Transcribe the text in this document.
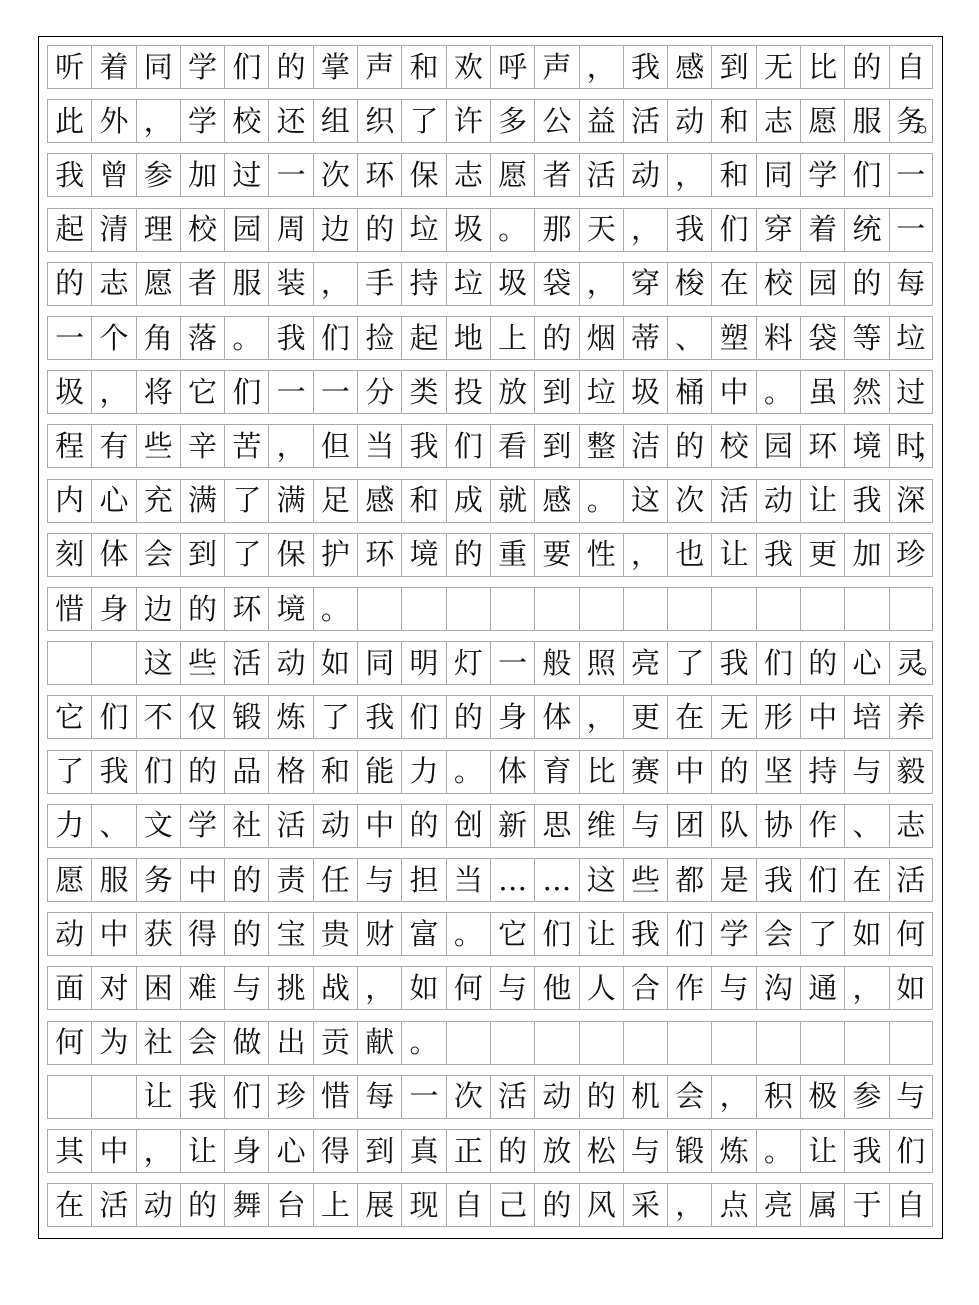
听 着 同 学 们 的 掌 声 和 欢 呼 声 ， 我 感 到 无 比 的 自
此 外 ， 学 校 还 组 织 了 许 多 公 益 活 动 和 志 愿 服 务
。
我 曾 参 加 过 一 次 环 保 志 愿 者 活 动 ， 和 同 学 们 一
起 清 理 校 园 周 边 的 垃 圾 。 那 天 ， 我 们 穿 着 统 一
的 志 愿 者 服 装 ， 手 持 垃 圾 袋 ， 穿 梭 在 校 园 的 每
一 个 角 落 。 我 们 捡 起 地 上 的 烟 蒂 、 塑 料 袋 等 垃
圾 ， 将 它 们 一 一 分 类 投 放 到 垃 圾 桶 中 。 虽 然 过
程 有 些 辛 苦 ， 但 当 我 们 看 到 整 洁 的 校 园 环 境 时
，
内 心 充 满 了 满 足 感 和 成 就 感 。 这 次 活 动 让 我 深
刻 体 会 到 了 保 护 环 境 的 重 要 性 ， 也 让 我 更 加 珍
惜 身 边 的 环 境 。
这 些 活 动 如 同 明 灯 一 般 照 亮 了 我 们 的 心 灵
。
它 们 不 仅 锻 炼 了 我 们 的 身 体 ， 更 在 无 形 中 培 养
了 我 们 的 品 格 和 能 力 。 体 育 比 赛 中 的 坚 持 与 毅
力 、 文 学 社 活 动 中 的 创 新 思 维 与 团 队 协 作 、 志
愿 服 务 中 的 责 任 与 担 当 … … 这 些 都 是 我 们 在 活
动 中 获 得 的 宝 贵 财 富 。 它 们 让 我 们 学 会 了 如 何
面 对 困 难 与 挑 战 ， 如 何 与 他 人 合 作 与 沟 通 ， 如
何 为 社 会 做 出 贡 献 。
让 我 们 珍 惜 每 一 次 活 动 的 机 会 ， 积 极 参 与
其 中 ， 让 身 心 得 到 真 正 的 放 松 与 锻 炼 。 让 我 们
在 活 动 的 舞 台 上 展 现 自 己 的 风 采 ， 点 亮 属 于 自
